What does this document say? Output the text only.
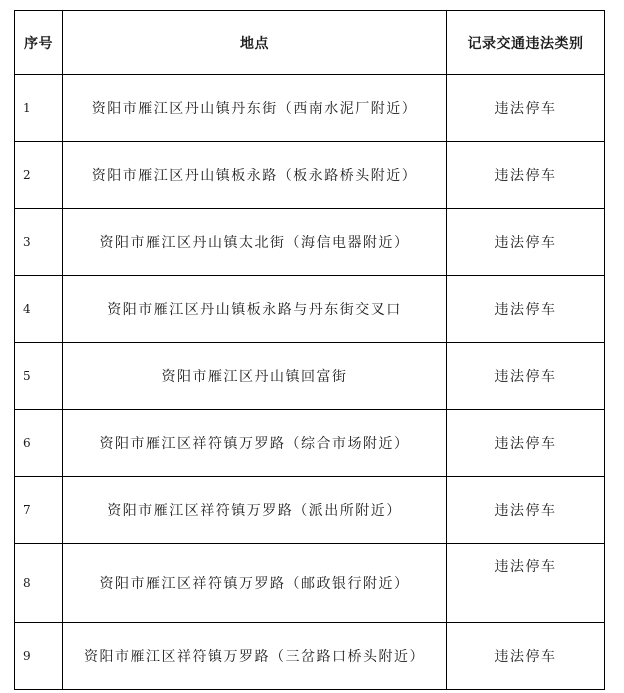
序号	地点	记录交通违法类别
1	资阳市雁江区丹山镇丹东街（西南水泥厂附近）	违法停车
2	资阳市雁江区丹山镇板永路（板永路桥头附近）	违法停车
3	资阳市雁江区丹山镇太北街（海信电器附近）	违法停车
4	资阳市雁江区丹山镇板永路与丹东街交叉口	违法停车
5	资阳市雁江区丹山镇回富街	违法停车
6	资阳市雁江区祥符镇万罗路（综合市场附近）	违法停车
7	资阳市雁江区祥符镇万罗路（派出所附近）	违法停车
8	资阳市雁江区祥符镇万罗路（邮政银行附近）	违法停车
9	资阳市雁江区祥符镇万罗路（三岔路口桥头附近）	违法停车
